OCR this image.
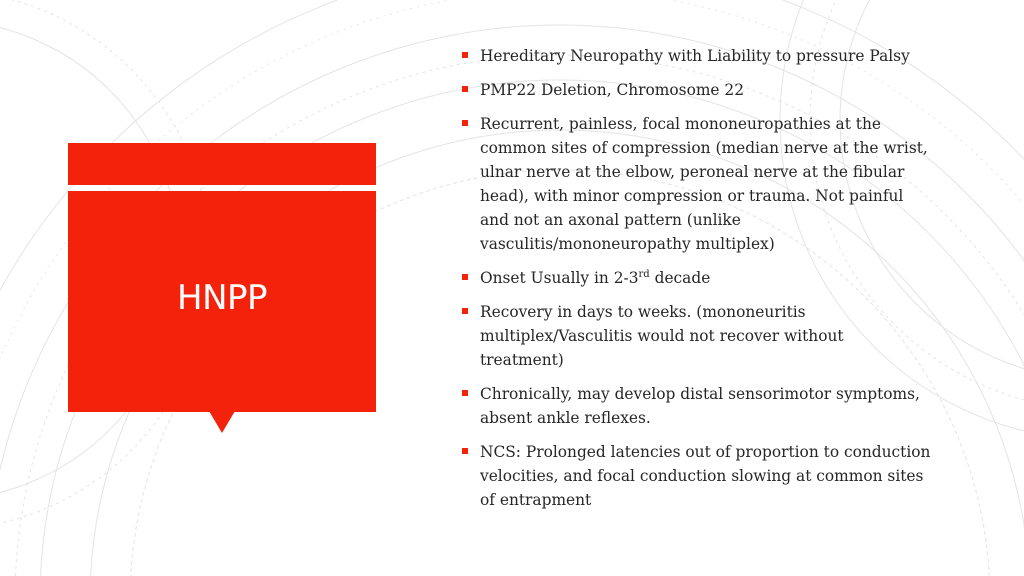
HNPP
Hereditary Neuropathy with Liability to pressure Palsy
PMP22 Deletion, Chromosome 22
Recurrent, painless, focal mononeuropathies at the common sites of compression (median nerve at the wrist, ulnar nerve at the elbow, peroneal nerve at the fibular head), with minor compression or trauma. Not painful and not an axonal pattern (unlike vasculitis/mononeuropathy multiplex)
Onset Usually in 2-3rd decade
Recovery in days to weeks. (mononeuritis multiplex/Vasculitis would not recover without treatment)
Chronically, may develop distal sensorimotor symptoms, absent ankle reflexes.
NCS: Prolonged latencies out of proportion to conduction velocities, and focal conduction slowing at common sites of entrapment
